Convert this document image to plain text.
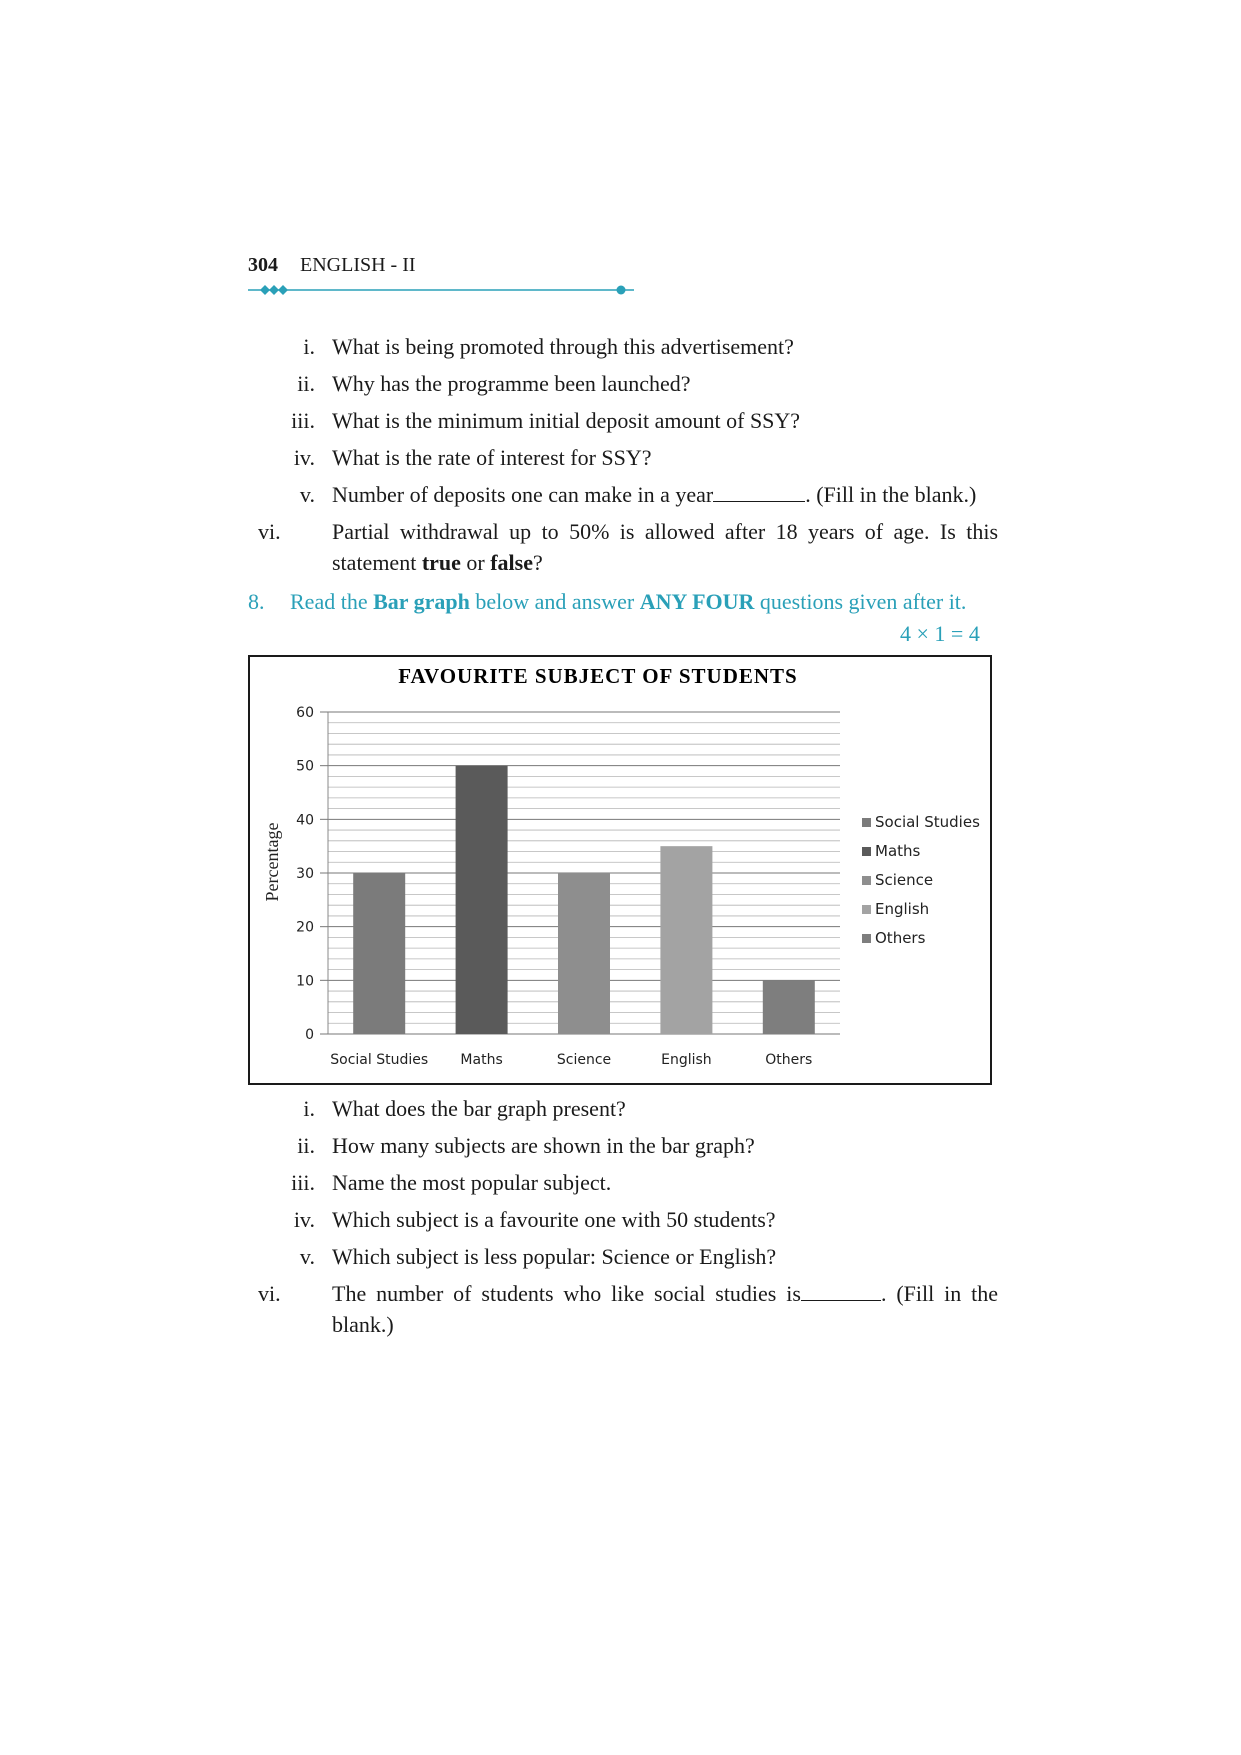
304 ENGLISH - II
i. What is being promoted through this advertisement?
ii. Why has the programme been launched?
iii. What is the minimum initial deposit amount of SSY?
iv. What is the rate of interest for SSY?
v. Number of deposits one can make in a year	. (Fill in the blank.)
vi.	Partial withdrawal up to 50% is allowed after 18 years of age. Is this statement true or false?
8. Read the Bar graph below and answer ANY FOUR questions given after it.
4 × 1 = 4
FAVOURITE SUBJECT OF STUDENTS
Percentage
0
10
20
30
40
50
60
Social Studies Maths	Science	English	Others
Social Studies
Maths
Science
English
Others
i. What does the bar graph present?
ii. How many subjects are shown in the bar graph?
iii. Name the most popular subject.
iv. Which subject is a favourite one with 50 students?
v. Which subject is less popular: Science or English?
vi.	The number of students who like social studies is	. (Fill in the blank.)
